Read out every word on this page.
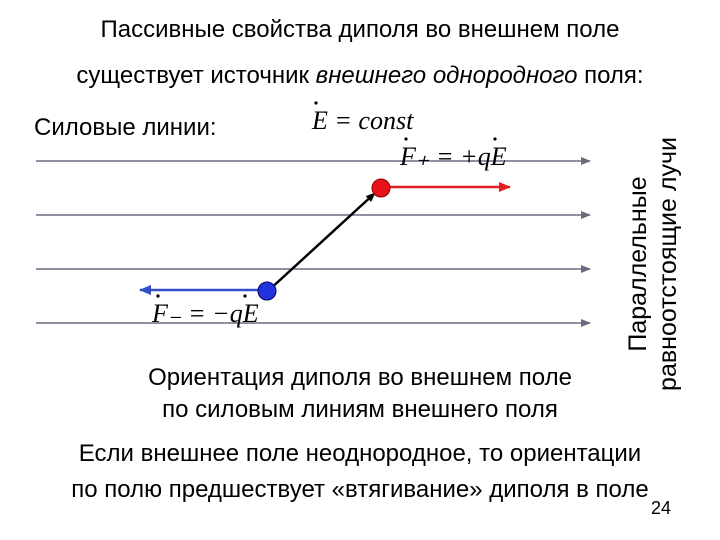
Пассивные свойства диполя во внешнем поле
существует источник внешнего однородного поля:
Силовые линии:	E = const
F₊ = +qE
F₋ = −qE	Параллельные равноотстоящие лучи
Ориентация диполя во внешнем поле
по силовым линиям внешнего поля
Если внешнее поле неоднородное, то ориентации
по полю предшествует «втягивание» диполя в поле
24
